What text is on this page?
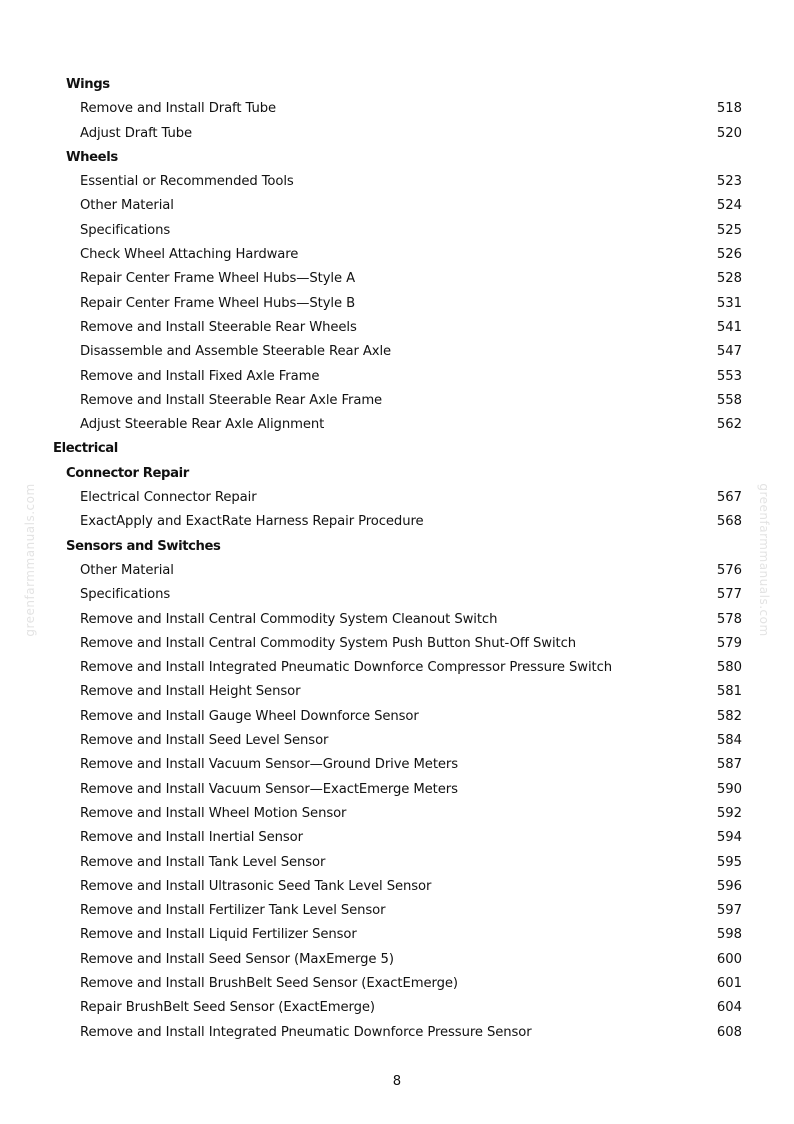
Wings
Remove and Install Draft Tube	518
Adjust Draft Tube	520
Wheels
Essential or Recommended Tools	523
Other Material	524
Specifications	525
Check Wheel Attaching Hardware	526
Repair Center Frame Wheel Hubs—Style A	528
Repair Center Frame Wheel Hubs—Style B	531
Remove and Install Steerable Rear Wheels	541
Disassemble and Assemble Steerable Rear Axle	547
Remove and Install Fixed Axle Frame	553
Remove and Install Steerable Rear Axle Frame	558
Adjust Steerable Rear Axle Alignment	562
Electrical
Connector Repair
Electrical Connector Repair	567
ExactApply and ExactRate Harness Repair Procedure	568
Sensors and Switches
Other Material	576
Specifications	577
Remove and Install Central Commodity System Cleanout Switch	578
Remove and Install Central Commodity System Push Button Shut-Off Switch	579
Remove and Install Integrated Pneumatic Downforce Compressor Pressure Switch	580
Remove and Install Height Sensor	581
Remove and Install Gauge Wheel Downforce Sensor	582
Remove and Install Seed Level Sensor	584
Remove and Install Vacuum Sensor—Ground Drive Meters	587
Remove and Install Vacuum Sensor—ExactEmerge Meters	590
Remove and Install Wheel Motion Sensor	592
Remove and Install Inertial Sensor	594
Remove and Install Tank Level Sensor	595
Remove and Install Ultrasonic Seed Tank Level Sensor	596
Remove and Install Fertilizer Tank Level Sensor	597
Remove and Install Liquid Fertilizer Sensor	598
Remove and Install Seed Sensor (MaxEmerge 5)	600
Remove and Install BrushBelt Seed Sensor (ExactEmerge)	601
Repair BrushBelt Seed Sensor (ExactEmerge)	604
Remove and Install Integrated Pneumatic Downforce Pressure Sensor	608
greenfarmmanuals.com	greenfarmmanuals.com
8
